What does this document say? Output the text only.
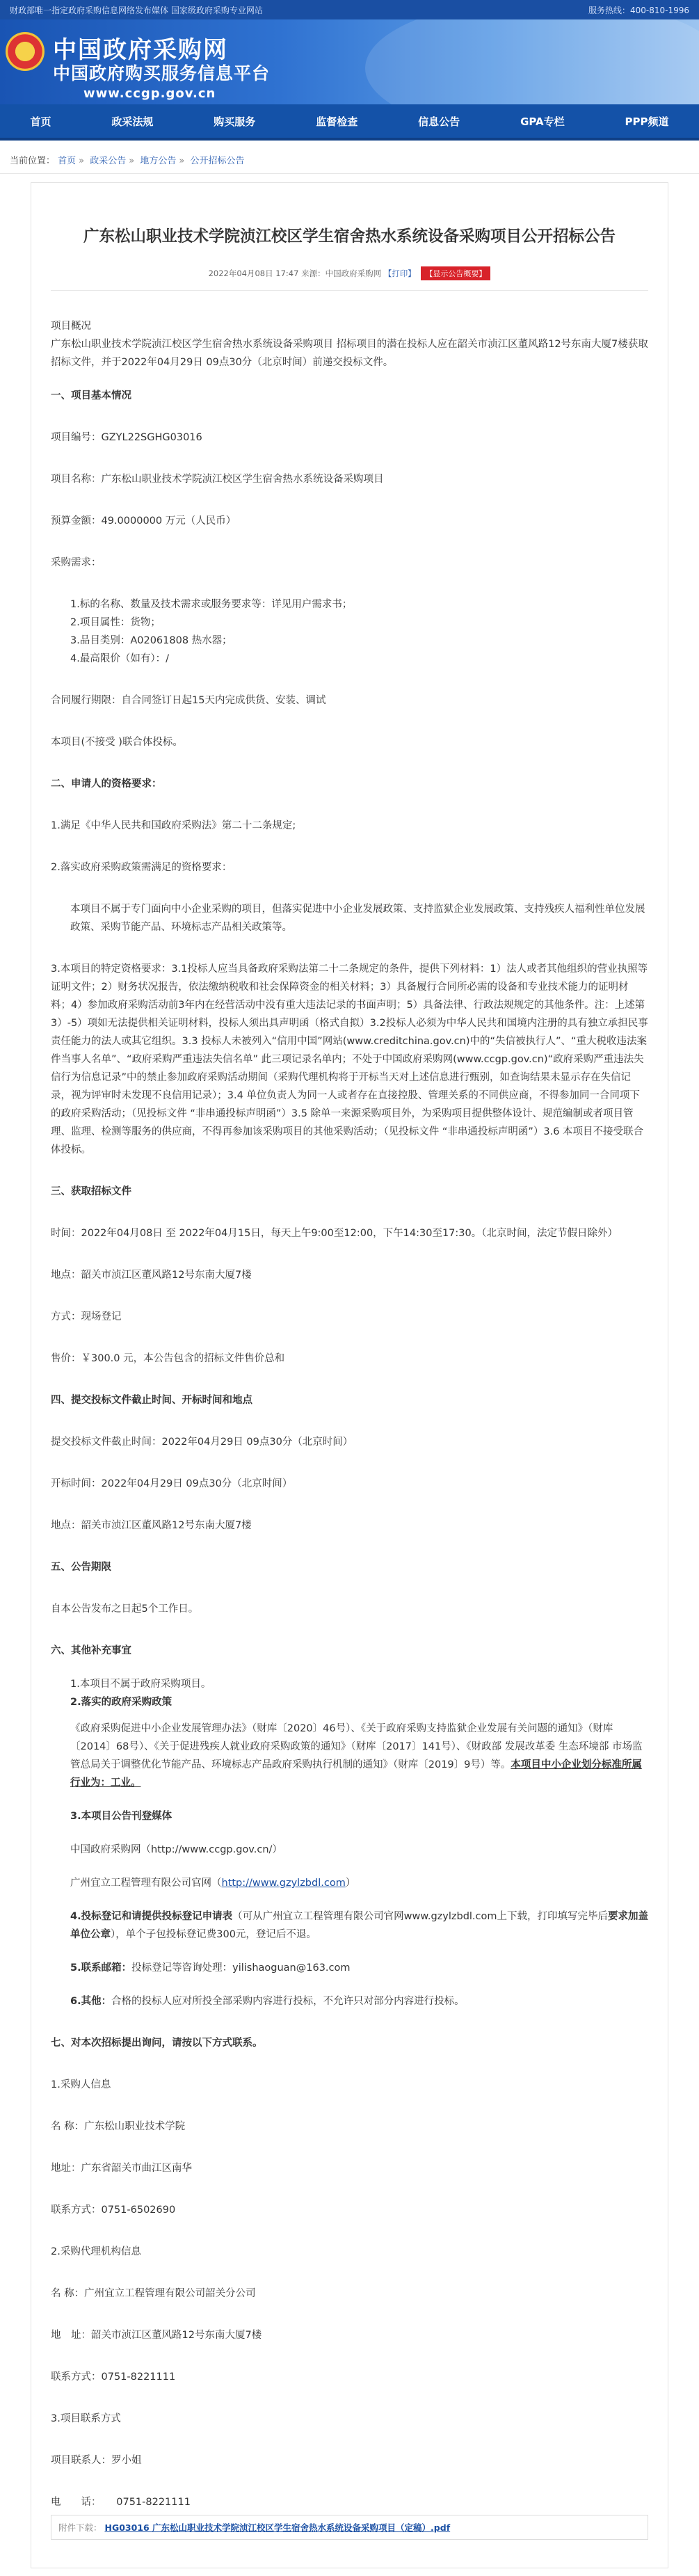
财政部唯一指定政府采购信息网络发布媒体 国家级政府采购专业网站	服务热线：400-810-1996
中国政府采购网
中国政府购买服务信息平台
www.ccgp.gov.cn
首页	政采法规	购买服务	监督检查	信息公告	GPA专栏	PPP频道
当前位置： 首页 » 政采公告 » 地方公告 » 公开招标公告
广东松山职业技术学院浈江校区学生宿舍热水系统设备采购项目公开招标公告
2022年04月08日 17:47 来源：中国政府采购网 【打印】 【显示公告概要】

项目概况

广东松山职业技术学院浈江校区学生宿舍热水系统设备采购项目 招标项目的潜在投标人应在韶关市浈江区董风路12号东南大厦7楼获取招标文件，并于2022年04月29日 09点30分（北京时间）前递交投标文件。

一、项目基本情况

项目编号：GZYL22SGHG03016

项目名称：广东松山职业技术学院浈江校区学生宿舍热水系统设备采购项目

预算金额：49.0000000 万元（人民币）

采购需求：

1.标的名称、数量及技术需求或服务要求等：详见用户需求书；

2.项目属性：货物；

3.品目类别：A02061808 热水器；

4.最高限价（如有）：/

合同履行期限：自合同签订日起15天内完成供货、安装、调试

本项目(不接受 )联合体投标。

二、申请人的资格要求：

1.满足《中华人民共和国政府采购法》第二十二条规定;

2.落实政府采购政策需满足的资格要求：

本项目不属于专门面向中小企业采购的项目，但落实促进中小企业发展政策、支持监狱企业发展政策、支持残疾人福利性单位发展政策、采购节能产品、环境标志产品相关政策等。

3.本项目的特定资格要求：3.1投标人应当具备政府采购法第二十二条规定的条件，提供下列材料：1）法人或者其他组织的营业执照等证明文件；2）财务状况报告，依法缴纳税收和社会保障资金的相关材料；3）具备履行合同所必需的设备和专业技术能力的证明材料；4）参加政府采购活动前3年内在经营活动中没有重大违法记录的书面声明；5）具备法律、行政法规规定的其他条件。注：上述第3）-5）项如无法提供相关证明材料，投标人须出具声明函（格式自拟）3.2投标人必须为中华人民共和国境内注册的具有独立承担民事责任能力的法人或其它组织。3.3 投标人未被列入“信用中国”网站(www.creditchina.gov.cn)中的“失信被执行人”、“重大税收违法案件当事人名单”、“政府采购严重违法失信名单” 此三项记录名单内；不处于中国政府采购网(www.ccgp.gov.cn)“政府采购严重违法失信行为信息记录”中的禁止参加政府采购活动期间（采购代理机构将于开标当天对上述信息进行甄别，如查询结果未显示存在失信记录，视为评审时未发现不良信用记录）；3.4 单位负责人为同一人或者存在直接控股、管理关系的不同供应商，不得参加同一合同项下的政府采购活动；（见投标文件 “非串通投标声明函”）3.5 除单一来源采购项目外，为采购项目提供整体设计、规范编制或者项目管理、监理、检测等服务的供应商，不得再参加该采购项目的其他采购活动；（见投标文件 “非串通投标声明函”）3.6 本项目不接受联合体投标。

三、获取招标文件

时间：2022年04月08日 至 2022年04月15日，每天上午9:00至12:00，下午14:30至17:30。（北京时间，法定节假日除外）

地点：韶关市浈江区董风路12号东南大厦7楼

方式：现场登记

售价：￥300.0 元，本公告包含的招标文件售价总和

四、提交投标文件截止时间、开标时间和地点

提交投标文件截止时间：2022年04月29日 09点30分（北京时间）

开标时间：2022年04月29日 09点30分（北京时间）

地点：韶关市浈江区董风路12号东南大厦7楼

五、公告期限

自本公告发布之日起5个工作日。

六、其他补充事宜

1.本项目不属于政府采购项目。

2.落实的政府采购政策

《政府采购促进中小企业发展管理办法》（财库〔2020〕46号）、《关于政府采购支持监狱企业发展有关问题的通知》（财库〔2014〕68号）、《关于促进残疾人就业政府采购政策的通知》（财库〔2017〕141号）、《财政部 发展改革委 生态环境部 市场监管总局关于调整优化节能产品、环境标志产品政府采购执行机制的通知》（财库〔2019〕9号）等。本项目中小企业划分标准所属行业为：工业。

3.本项目公告刊登媒体

中国政府采购网（http://www.ccgp.gov.cn/）

广州宜立工程管理有限公司官网（http://www.gzylzbdl.com）

4.投标登记和请提供投标登记申请表（可从广州宜立工程管理有限公司官网www.gzylzbdl.com上下载，打印填写完毕后要求加盖单位公章），单个子包投标登记费300元，登记后不退。

5.联系邮箱：投标登记等咨询处理：yilishaoguan@163.com

6.其他：合格的投标人应对所投全部采购内容进行投标，不允许只对部分内容进行投标。

七、对本次招标提出询问，请按以下方式联系。

1.采购人信息

名 称：广东松山职业技术学院

地址：广东省韶关市曲江区南华

联系方式：0751-6502690

2.采购代理机构信息

名 称：广州宜立工程管理有限公司韶关分公司

地　址：韶关市浈江区董风路12号东南大厦7楼

联系方式：0751-8221111

3.项目联系方式

项目联系人：罗小姐

电　　话：　　0751-8221111

附件下载： HG03016 广东松山职业技术学院浈江校区学生宿舍热水系统设备采购项目（定稿）.pdf
